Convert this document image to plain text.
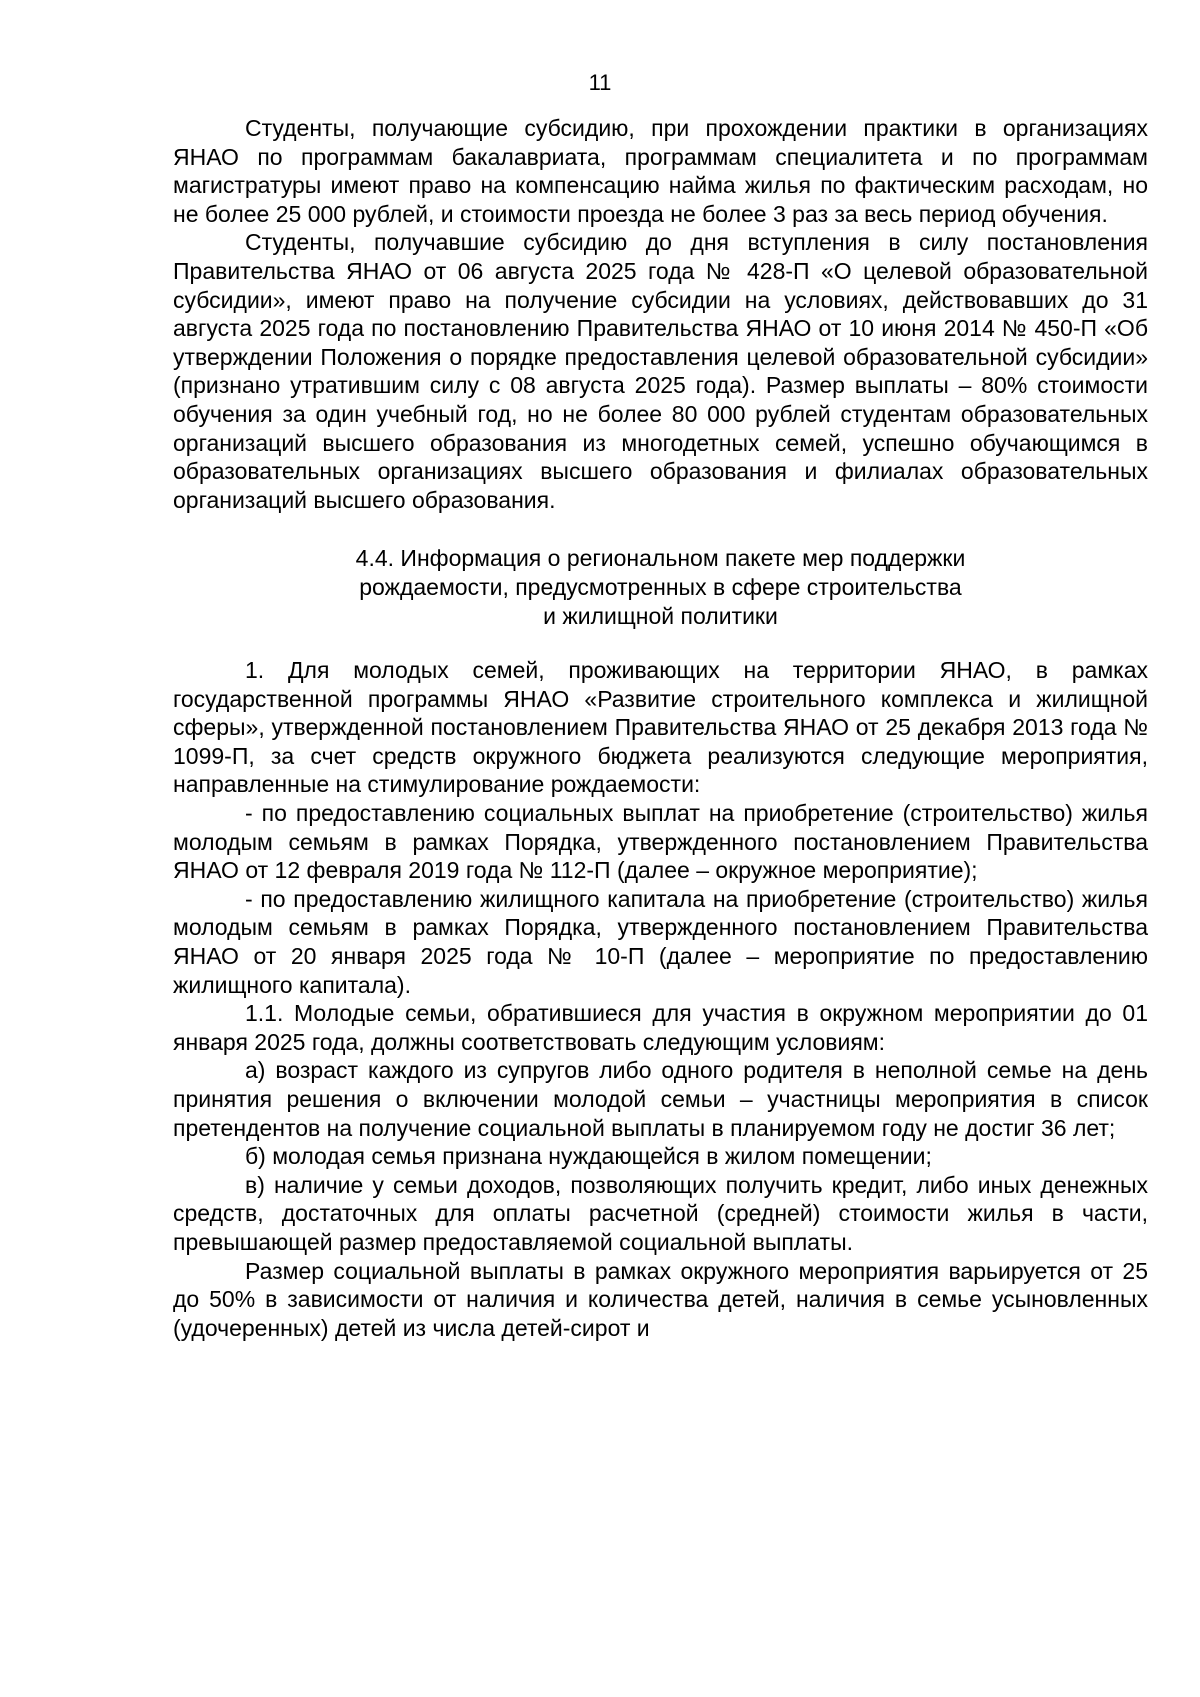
11

Студенты, получающие субсидию, при прохождении практики в организациях ЯНАО по программам бакалавриата, программам специалитета и по программам магистратуры имеют право на компенсацию найма жилья по фактическим расходам, но не более 25 000 рублей, и стоимости проезда не более 3 раз за весь период обучения.

Студенты, получавшие субсидию до дня вступления в силу постановления Правительства ЯНАО от 06 августа 2025 года № 428-П «О целевой образовательной субсидии», имеют право на получение субсидии на условиях, действовавших до 31 августа 2025 года по постановлению Правительства ЯНАО от 10 июня 2014 № 450-П «Об утверждении Положения о порядке предоставления целевой образовательной субсидии» (признано утратившим силу с 08 августа 2025 года). Размер выплаты – 80% стоимости обучения за один учебный год, но не более 80 000 рублей студентам образовательных организаций высшего образования из многодетных семей, успешно обучающимся в образовательных организациях высшего образования и филиалах образовательных организаций высшего образования.

4.4. Информация о региональном пакете мер поддержки
рождаемости, предусмотренных в сфере строительства
и жилищной политики

1. Для молодых семей, проживающих на территории ЯНАО, в рамках государственной программы ЯНАО «Развитие строительного комплекса и жилищной сферы», утвержденной постановлением Правительства ЯНАО от 25 декабря 2013 года № 1099-П, за счет средств окружного бюджета реализуются следующие мероприятия, направленные на стимулирование рождаемости:

- по предоставлению социальных выплат на приобретение (строительство) жилья молодым семьям в рамках Порядка, утвержденного постановлением Правительства ЯНАО от 12 февраля 2019 года № 112-П (далее – окружное мероприятие);

- по предоставлению жилищного капитала на приобретение (строительство) жилья молодым семьям в рамках Порядка, утвержденного постановлением Правительства ЯНАО от 20 января 2025 года № 10-П (далее – мероприятие по предоставлению жилищного капитала).

1.1. Молодые семьи, обратившиеся для участия в окружном мероприятии до 01 января 2025 года, должны соответствовать следующим условиям:

а) возраст каждого из супругов либо одного родителя в неполной семье на день принятия решения о включении молодой семьи – участницы мероприятия в список претендентов на получение социальной выплаты в планируемом году не достиг 36 лет;

б) молодая семья признана нуждающейся в жилом помещении;

в) наличие у семьи доходов, позволяющих получить кредит, либо иных денежных средств, достаточных для оплаты расчетной (средней) стоимости жилья в части, превышающей размер предоставляемой социальной выплаты.

Размер социальной выплаты в рамках окружного мероприятия варьируется от 25 до 50% в зависимости от наличия и количества детей, наличия в семье усыновленных (удочеренных) детей из числа детей-сирот и
